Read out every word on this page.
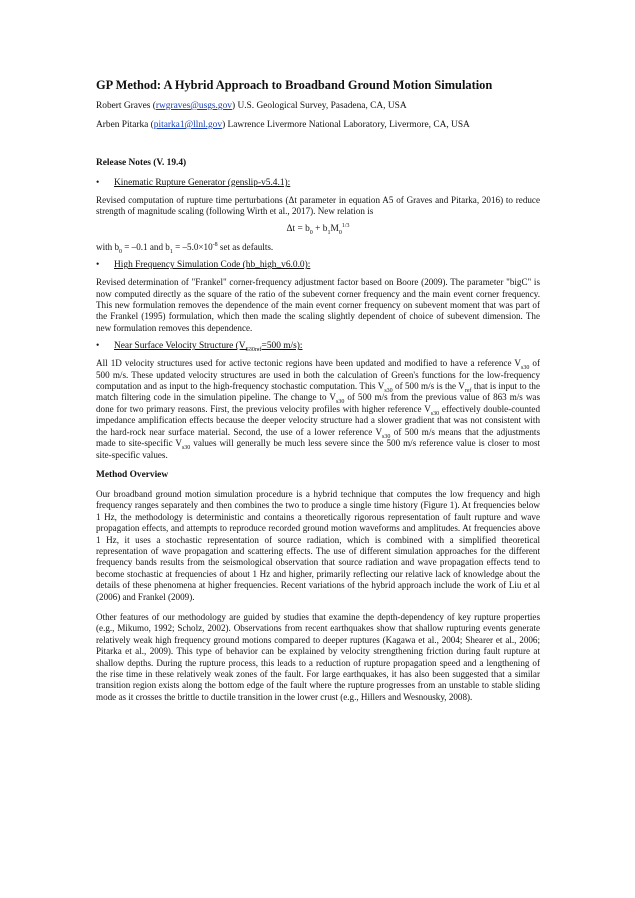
GP Method: A Hybrid Approach to Broadband Ground Motion Simulation
Robert Graves (rwgraves@usgs.gov) U.S. Geological Survey, Pasadena, CA, USA
Arben Pitarka (pitarka1@llnl.gov) Lawrence Livermore National Laboratory, Livermore, CA, USA
Release Notes (V. 19.4)
•	Kinematic Rupture Generator (genslip-v5.4.1):

Revised computation of rupture time perturbations (Δt parameter in equation A5 of Graves and Pitarka, 2016) to reduce strength of magnitude scaling (following Wirth et al., 2017). New relation is

$\Delta t = b_0 + b_1M_0^{1/3}$

with $b_0 = -0.1$ and $b_1 = -5.0\times 10^{-8}$ set as defaults.

•	High Frequency Simulation Code (hb_high_v6.0.0):

Revised determination of "Frankel" corner-frequency adjustment factor based on Boore (2009). The parameter "bigC" is now computed directly as the square of the ratio of the subevent corner frequency and the main event corner frequency. This new formulation removes the dependence of the main event corner frequency on subevent moment that was part of the Frankel (1995) formulation, which then made the scaling slightly dependent of choice of subevent dimension. The new formulation removes this dependence.

•	Near Surface Velocity Structure ($V_{S30ref}=500$ m/s):

All 1D velocity structures used for active tectonic regions have been updated and modified to have a reference $V_{s30}$ of 500 m/s. These updated velocity structures are used in both the calculation of Green's functions for the low-frequency computation and as input to the high-frequency stochastic computation. This $V_{s30}$ of 500 m/s is the $V_{ref}$ that is input to the match filtering code in the simulation pipeline. The change to $V_{s30}$ of 500 m/s from the previous value of 863 m/s was done for two primary reasons. First, the previous velocity profiles with higher reference $V_{s30}$ effectively double-counted impedance amplification effects because the deeper velocity structure had a slower gradient that was not consistent with the hard-rock near surface material. Second, the use of a lower reference $V_{s30}$ of 500 m/s means that the adjustments made to site-specific $V_{s30}$ values will generally be much less severe since the 500 m/s reference value is closer to most site-specific values.

Method Overview

Our broadband ground motion simulation procedure is a hybrid technique that computes the low frequency and high frequency ranges separately and then combines the two to produce a single time history (Figure 1). At frequencies below 1 Hz, the methodology is deterministic and contains a theoretically rigorous representation of fault rupture and wave propagation effects, and attempts to reproduce recorded ground motion waveforms and amplitudes. At frequencies above 1 Hz, it uses a stochastic representation of source radiation, which is combined with a simplified theoretical representation of wave propagation and scattering effects. The use of different simulation approaches for the different frequency bands results from the seismological observation that source radiation and wave propagation effects tend to become stochastic at frequencies of about 1 Hz and higher, primarily reflecting our relative lack of knowledge about the details of these phenomena at higher frequencies. Recent variations of the hybrid approach include the work of Liu et al (2006) and Frankel (2009).

Other features of our methodology are guided by studies that examine the depth-dependency of key rupture properties (e.g., Mikumo, 1992; Scholz, 2002). Observations from recent earthquakes show that shallow rupturing events generate relatively weak high frequency ground motions compared to deeper ruptures (Kagawa et al., 2004; Shearer et al., 2006; Pitarka et al., 2009). This type of behavior can be explained by velocity strengthening friction during fault rupture at shallow depths. During the rupture process, this leads to a reduction of rupture propagation speed and a lengthening of the rise time in these relatively weak zones of the fault. For large earthquakes, it has also been suggested that a similar transition region exists along the bottom edge of the fault where the rupture progresses from an unstable to stable sliding mode as it crosses the brittle to ductile transition in the lower crust (e.g., Hillers and Wesnousky, 2008).
